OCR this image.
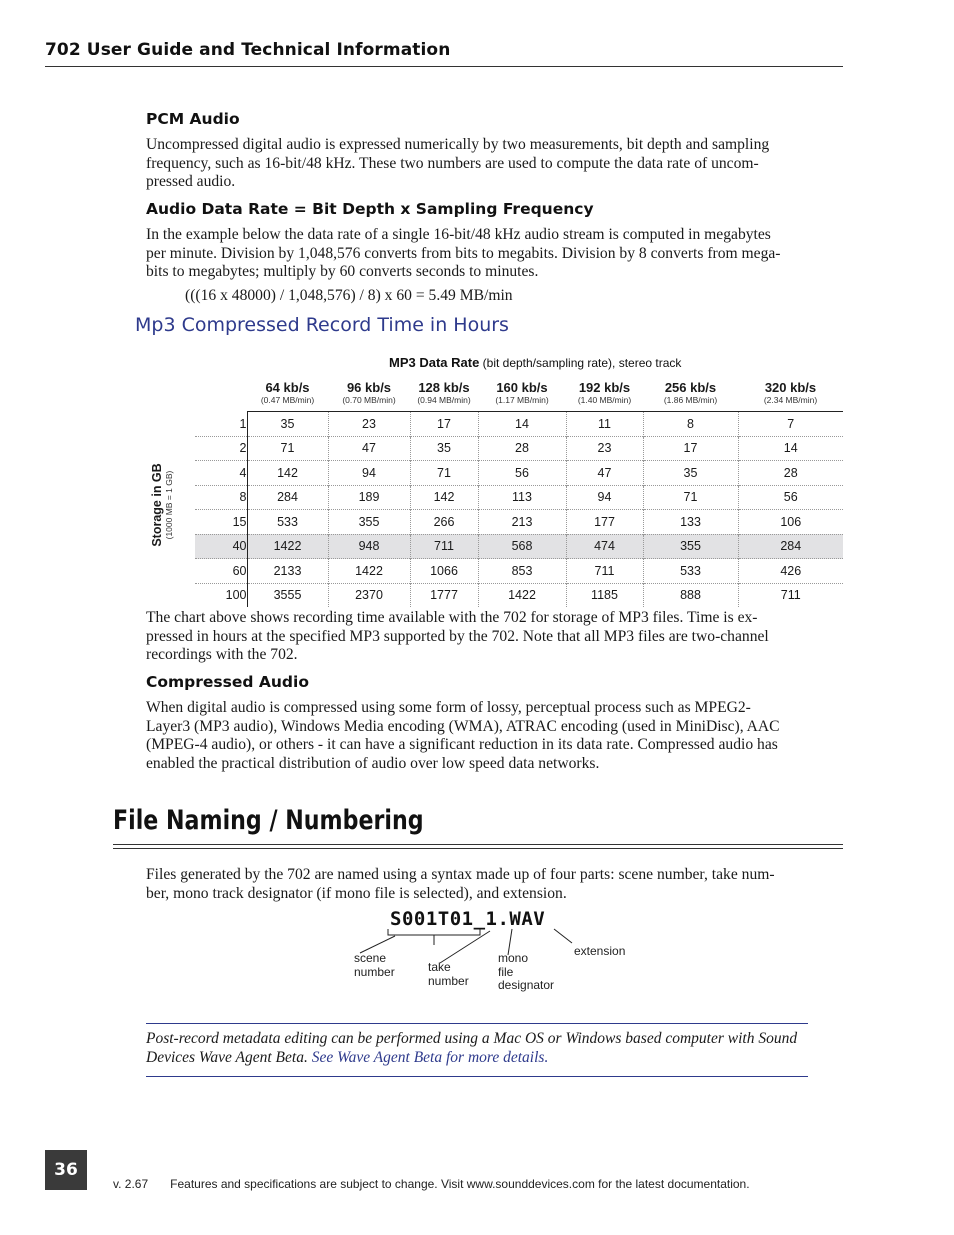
702 User Guide and Technical Information
PCM Audio
Uncompressed digital audio is expressed numerically by two measurements, bit depth and sampling
frequency, such as 16-bit/48 kHz. These two numbers are used to compute the data rate of uncom-
pressed audio.
Audio Data Rate = Bit Depth x Sampling Frequency
In the example below the data rate of a single 16-bit/48 kHz audio stream is computed in megabytes
per minute. Division by 1,048,576 converts from bits to megabits. Division by 8 converts from mega-
bits to megabytes; multiply by 60 converts seconds to minutes.
(((16 x 48000) / 1,048,576) / 8) x 60 = 5.49 MB/min
Mp3 Compressed Record Time in Hours
MP3 Data Rate (bit depth/sampling rate), stereo track
Storage in GB (1000 MB = 1 GB)
	64 kb/s	96 kb/s	128 kb/s	160 kb/s	192 kb/s	256 kb/s	320 kb/s
	(0.47 MB/min)	(0.70 MB/min)	(0.94 MB/min)	(1.17 MB/min)	(1.40 MB/min)	(1.86 MB/min)	(2.34 MB/min)
1	35	23	17	14	11	8	7
2	71	47	35	28	23	17	14
4	142	94	71	56	47	35	28
8	284	189	142	113	94	71	56
15	533	355	266	213	177	133	106
40	1422	948	711	568	474	355	284
60	2133	1422	1066	853	711	533	426
100	3555	2370	1777	1422	1185	888	711
The chart above shows recording time available with the 702 for storage of MP3 files. Time is ex-
pressed in hours at the specified MP3 supported by the 702. Note that all MP3 files are two-channel
recordings with the 702.
Compressed Audio
When digital audio is compressed using some form of lossy, perceptual process such as MPEG2-
Layer3 (MP3 audio), Windows Media encoding (WMA), ATRAC encoding (used in MiniDisc), AAC
(MPEG-4 audio), or others - it can have a significant reduction in its data rate. Compressed audio has
enabled the practical distribution of audio over low speed data networks.
File Naming / Numbering
Files generated by the 702 are named using a syntax made up of four parts: scene number, take num-
ber, mono track designator (if mono file is selected), and extension.
S001T01_1.WAV
scene
number	take
number
mono
file
designator
extension
Post-record metadata editing can be performed using a Mac OS or Windows based computer with Sound
Devices Wave Agent Beta. See Wave Agent Beta for more details.
36
v. 2.67 Features and specifications are subject to change. Visit www.sounddevices.com for the latest documentation.
